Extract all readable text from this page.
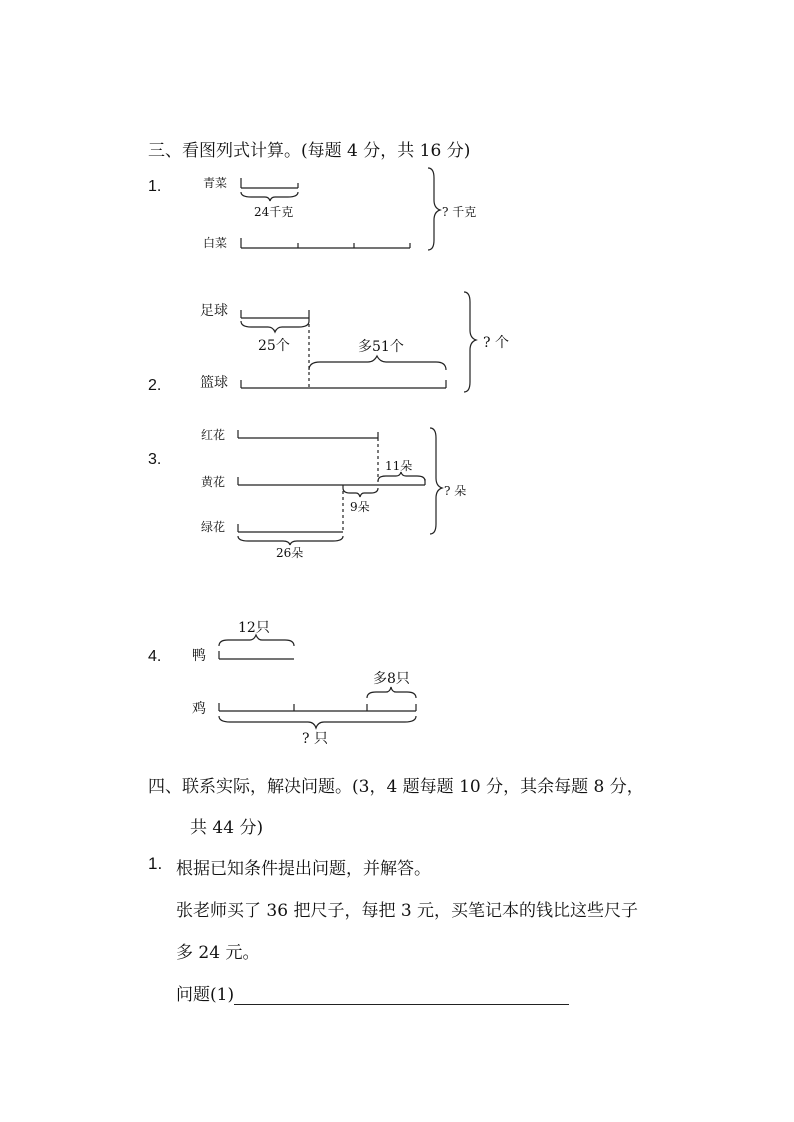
三、看图列式计算。(每题 4 分，共 16 分)
1.	青菜
白菜
24千克	? 千克
足球
篮球
2.
25个	多51个	? 个
3.
红花
黄花
绿花
11朵
9朵
26朵
? 朵
4. 鸭
鸡
12只
多8只
? 只
四、联系实际，解决问题。(3，4 题每题 10 分，其余每题 8 分，
共 44 分)
1. 根据已知条件提出问题，并解答。
张老师买了 36 把尺子，每把 3 元，买笔记本的钱比这些尺子
多 24 元。
问题(1)
